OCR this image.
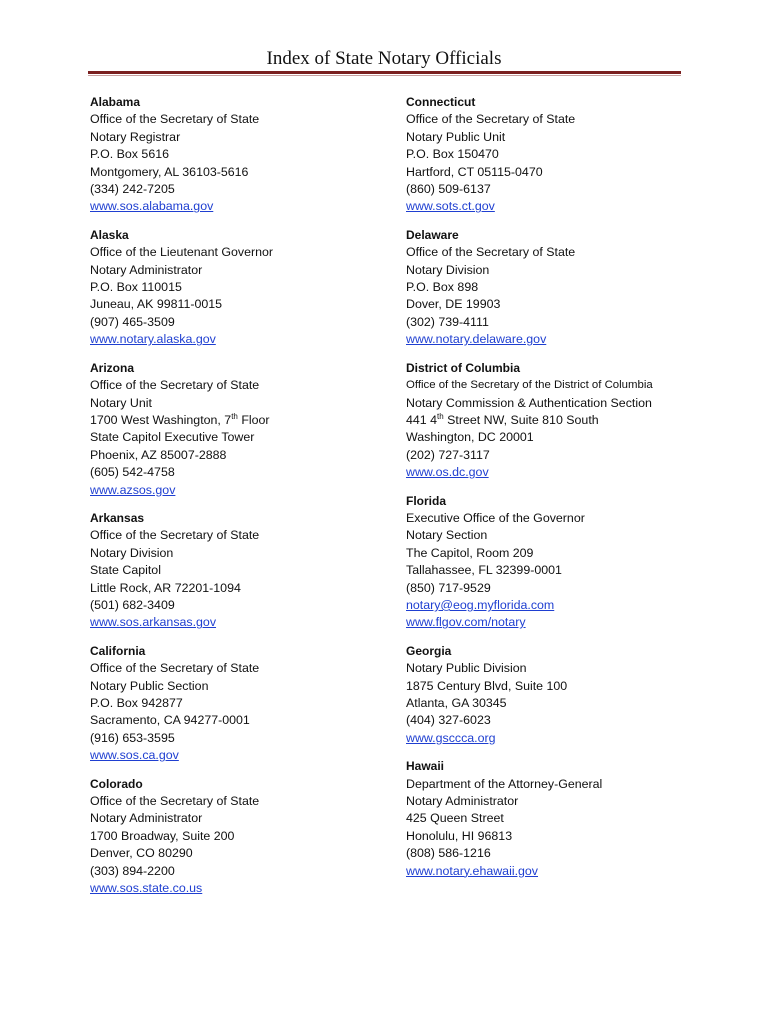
Index of State Notary Officials
Alabama
Office of the Secretary of State
Notary Registrar
P.O. Box 5616
Montgomery, AL 36103-5616
(334) 242-7205
www.sos.alabama.gov
Alaska
Office of the Lieutenant Governor
Notary Administrator
P.O. Box 110015
Juneau, AK 99811-0015
(907) 465-3509
www.notary.alaska.gov
Arizona
Office of the Secretary of State
Notary Unit
1700 West Washington, 7th Floor
State Capitol Executive Tower
Phoenix, AZ 85007-2888
(605) 542-4758
www.azsos.gov
Arkansas
Office of the Secretary of State
Notary Division
State Capitol
Little Rock, AR 72201-1094
(501) 682-3409
www.sos.arkansas.gov
California
Office of the Secretary of State
Notary Public Section
P.O. Box 942877
Sacramento, CA 94277-0001
(916) 653-3595
www.sos.ca.gov
Colorado
Office of the Secretary of State
Notary Administrator
1700 Broadway, Suite 200
Denver, CO 80290
(303) 894-2200
www.sos.state.co.us
Connecticut
Office of the Secretary of State
Notary Public Unit
P.O. Box 150470
Hartford, CT 05115-0470
(860) 509-6137
www.sots.ct.gov
Delaware
Office of the Secretary of State
Notary Division
P.O. Box 898
Dover, DE 19903
(302) 739-4111
www.notary.delaware.gov
District of Columbia
Office of the Secretary of the District of Columbia
Notary Commission & Authentication Section
441 4th Street NW, Suite 810 South
Washington, DC 20001
(202) 727-3117
www.os.dc.gov
Florida
Executive Office of the Governor
Notary Section
The Capitol, Room 209
Tallahassee, FL 32399-0001
(850) 717-9529
notary@eog.myflorida.com
www.flgov.com/notary
Georgia
Notary Public Division
1875 Century Blvd, Suite 100
Atlanta, GA 30345
(404) 327-6023
www.gsccca.org
Hawaii
Department of the Attorney-General
Notary Administrator
425 Queen Street
Honolulu, HI 96813
(808) 586-1216
www.notary.ehawaii.gov
